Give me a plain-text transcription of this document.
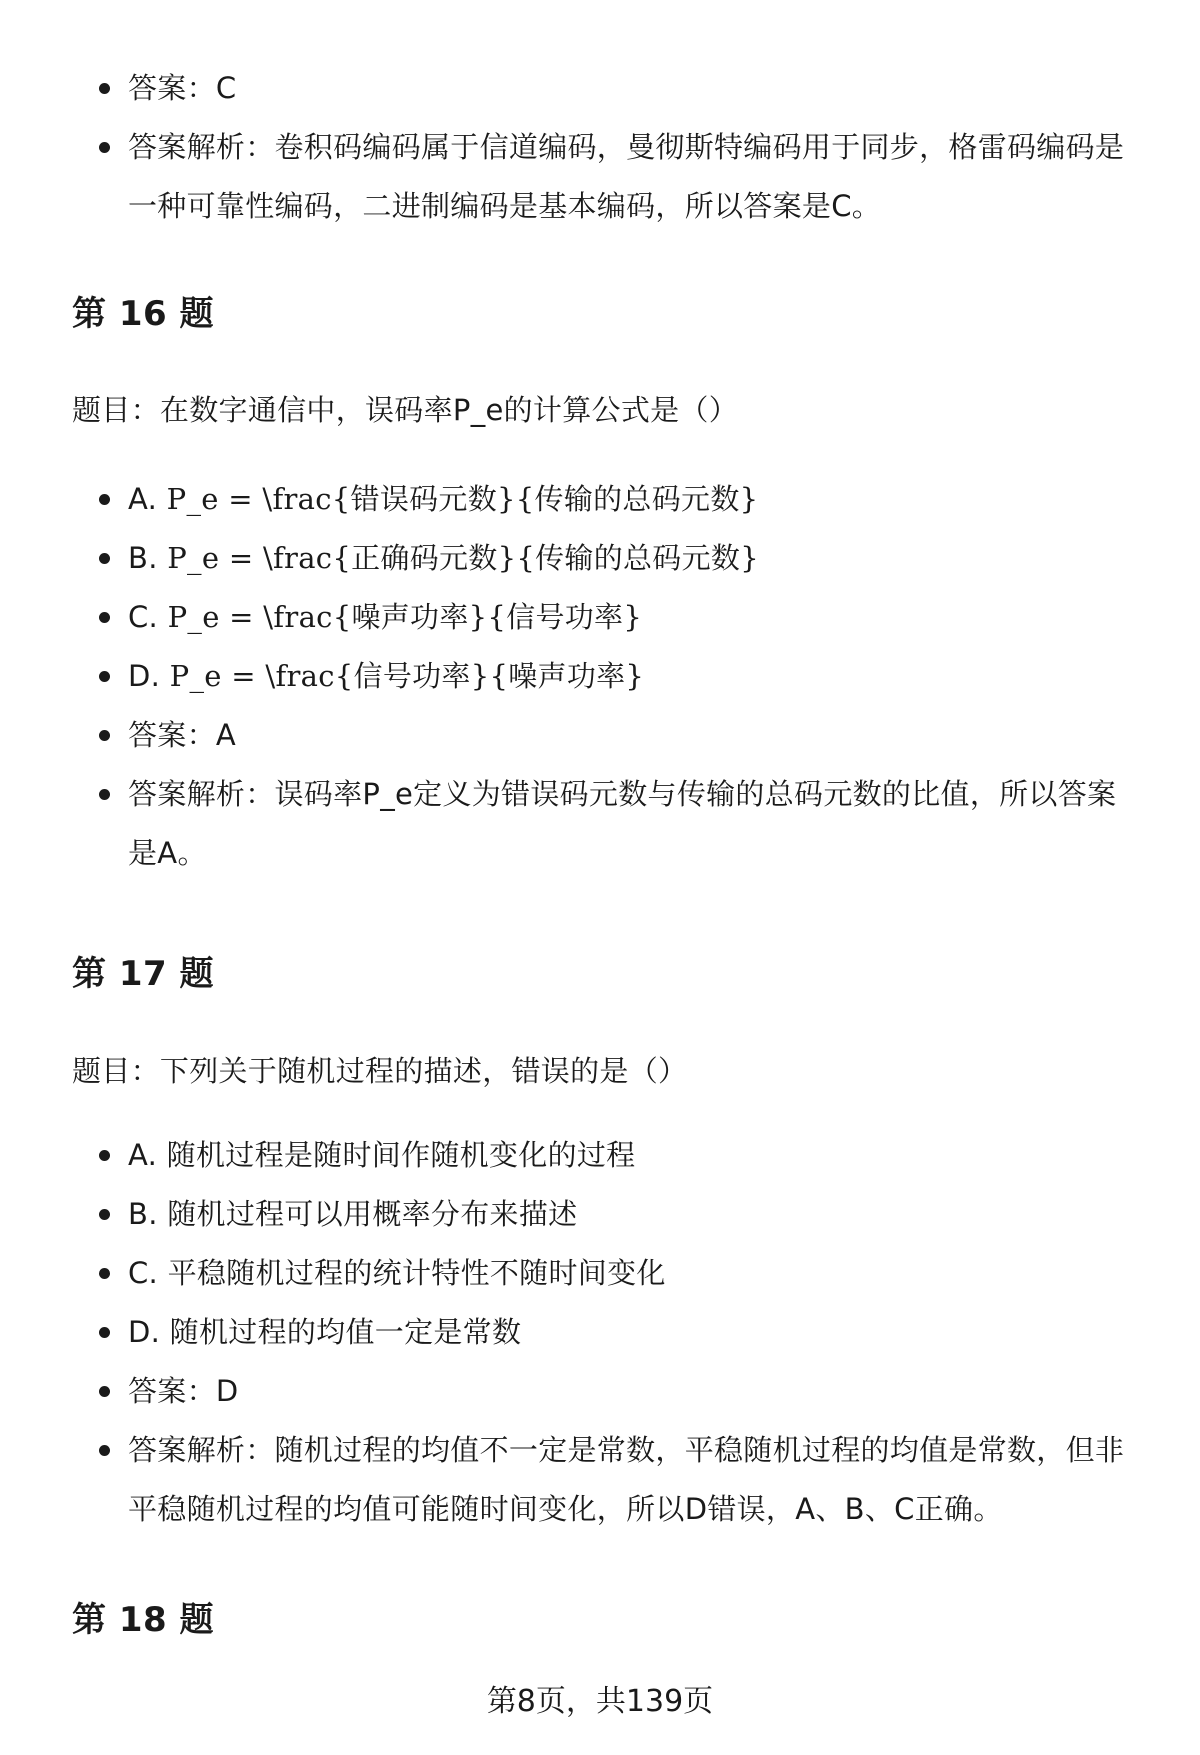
答案：C
答案解析：卷积码编码属于信道编码，曼彻斯特编码用于同步，格雷码编码是一种可靠性编码，二进制编码是基本编码，所以答案是C。
第 16 题

题目：在数字通信中，误码率P_e的计算公式是（）

A. P_e = \frac{错误码元数}{传输的总码元数}
B. P_e = \frac{正确码元数}{传输的总码元数}
C. P_e = \frac{噪声功率}{信号功率}
D. P_e = \frac{信号功率}{噪声功率}
答案：A
答案解析：误码率P_e定义为错误码元数与传输的总码元数的比值，所以答案是A。
第 17 题

题目：下列关于随机过程的描述，错误的是（）

A. 随机过程是随时间作随机变化的过程
B. 随机过程可以用概率分布来描述
C. 平稳随机过程的统计特性不随时间变化
D. 随机过程的均值一定是常数
答案：D
答案解析：随机过程的均值不一定是常数，平稳随机过程的均值是常数，但非平稳随机过程的均值可能随时间变化，所以D错误，A、B、C正确。
第 18 题

第8页，共139页
